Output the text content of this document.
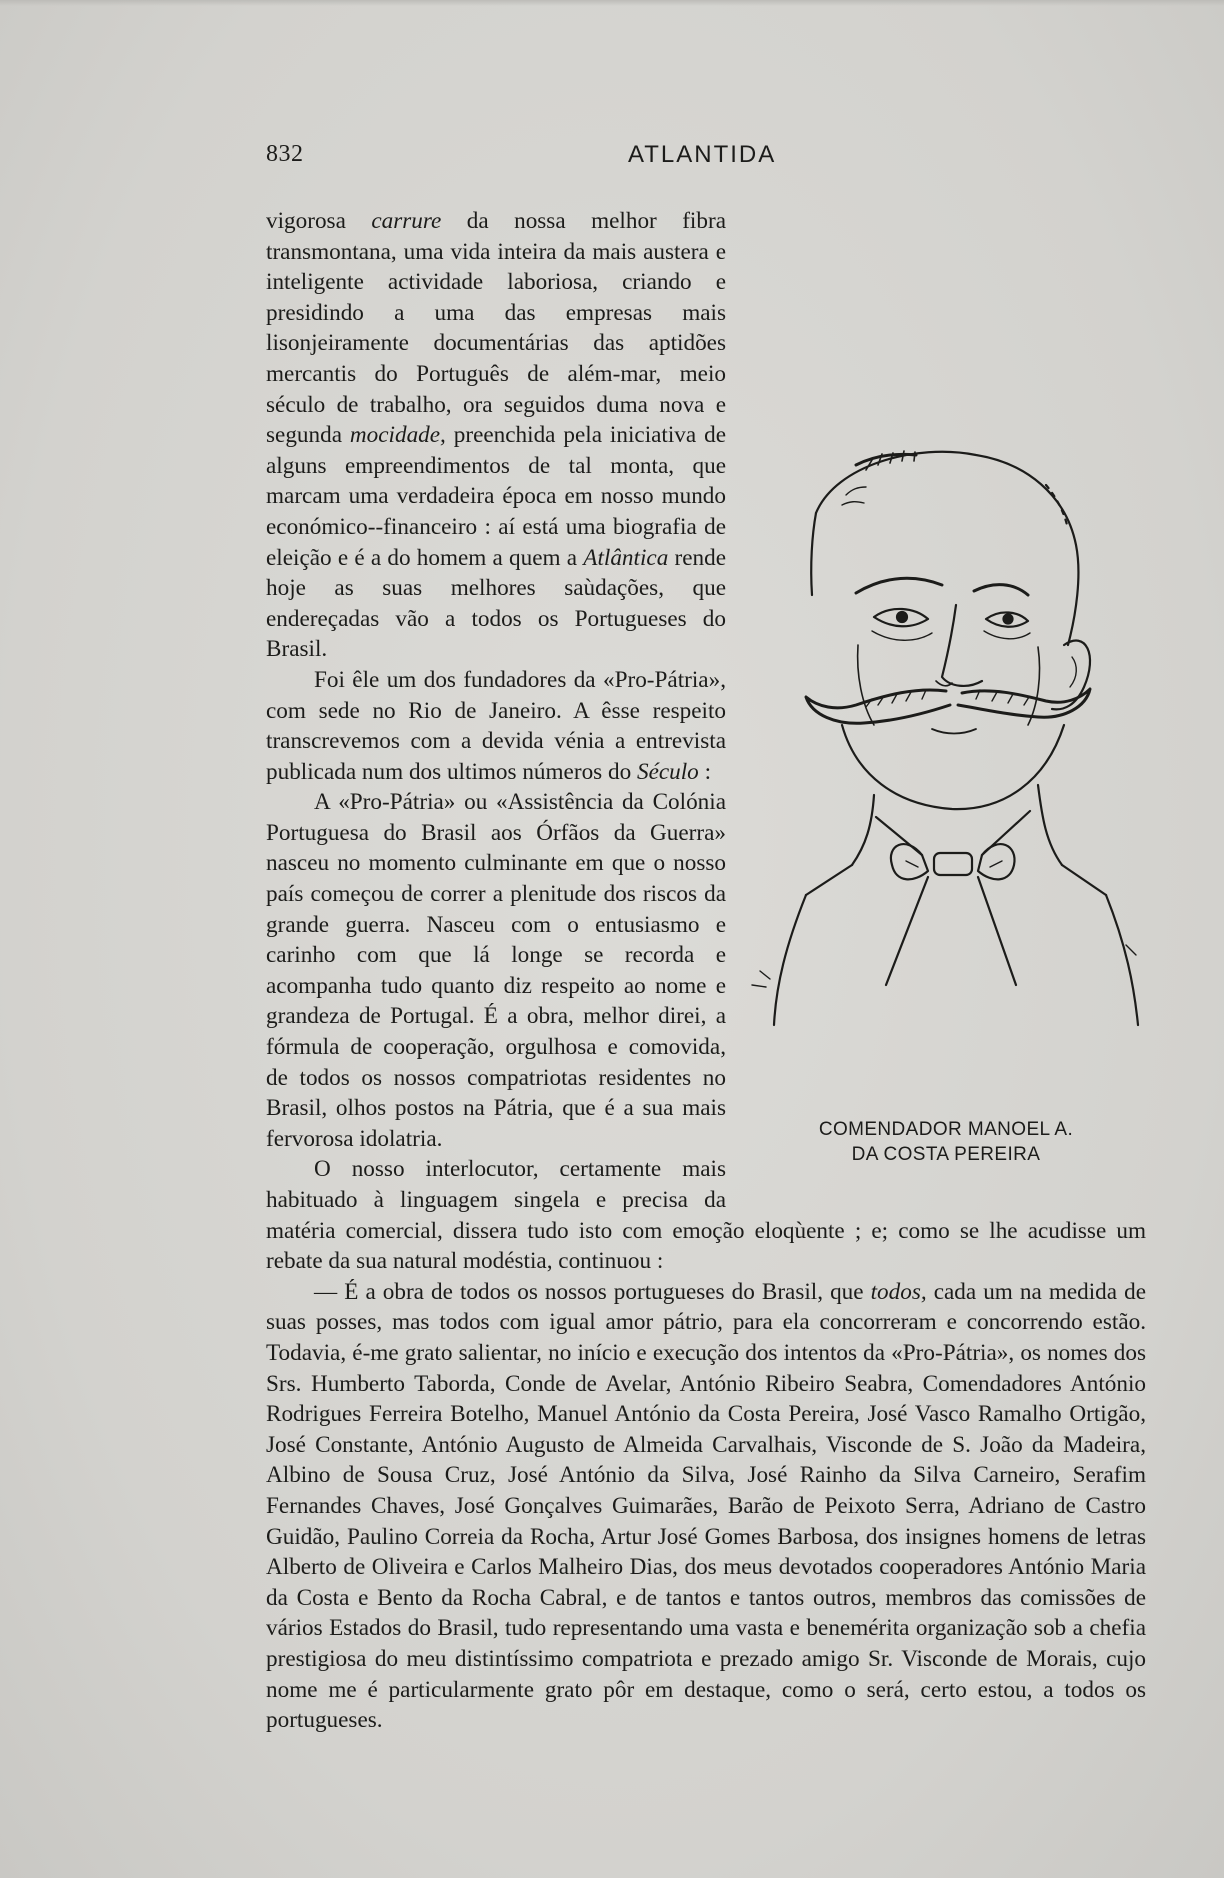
832	ATLANTIDA
COMENDADOR MANOEL A.
DA COSTA PEREIRA

vigorosa carrure da nossa melhor fibra transmontana, uma vida inteira da mais austera e inteligente actividade laboriosa, criando e presidindo a uma das empresas mais lisonjeiramente documentárias das aptidões mercantis do Português de além-mar, meio século de trabalho, ora seguidos duma nova e segunda mocidade, preenchida pela iniciativa de alguns empreendimentos de tal monta, que marcam uma verdadeira época em nosso mundo económico--financeiro : aí está uma biografia de eleição e é a do homem a quem a Atlântica rende hoje as suas melhores saùdações, que endereçadas vão a todos os Portugueses do Brasil.

Foi êle um dos fundadores da «Pro-Pátria», com sede no Rio de Janeiro. A êsse respeito transcrevemos com a devida vénia a entrevista publicada num dos ultimos números do Século :

A «Pro-Pátria» ou «Assistência da Colónia Portuguesa do Brasil aos Órfãos da Guerra» nasceu no momento culminante em que o nosso país começou de correr a plenitude dos riscos da grande guerra. Nasceu com o entusiasmo e carinho com que lá longe se recorda e acompanha tudo quanto diz respeito ao nome e grandeza de Portugal. É a obra, melhor direi, a fórmula de cooperação, orgulhosa e comovida, de todos os nossos compatriotas residentes no Brasil, olhos postos na Pátria, que é a sua mais fervorosa idolatria.

O nosso interlocutor, certamente mais habituado à linguagem singela e precisa da matéria comercial, dissera tudo isto com emoção eloqùente ; e; como se lhe acudisse um rebate da sua natural modéstia, continuou :

— É a obra de todos os nossos portugueses do Brasil, que todos, cada um na medida de suas posses, mas todos com igual amor pátrio, para ela concorreram e concorrendo estão. Todavia, é-me grato salientar, no início e execução dos intentos da «Pro-Pátria», os nomes dos Srs. Humberto Taborda, Conde de Avelar, António Ribeiro Seabra, Comendadores António Rodrigues Ferreira Botelho, Manuel António da Costa Pereira, José Vasco Ramalho Ortigão, José Constante, António Augusto de Almeida Carvalhais, Visconde de S. João da Madeira, Albino de Sousa Cruz, José António da Silva, José Rainho da Silva Carneiro, Serafim Fernandes Chaves, José Gonçalves Guimarães, Barão de Peixoto Serra, Adriano de Castro Guidão, Paulino Correia da Rocha, Artur José Gomes Barbosa, dos insignes homens de letras Alberto de Oliveira e Carlos Malheiro Dias, dos meus devotados cooperadores António Maria da Costa e Bento da Rocha Cabral, e de tantos e tantos outros, membros das comissões de vários Estados do Brasil, tudo representando uma vasta e benemérita organização sob a chefia prestigiosa do meu distintíssimo compatriota e prezado amigo Sr. Visconde de Morais, cujo nome me é particularmente grato pôr em destaque, como o será, certo estou, a todos os portugueses.
